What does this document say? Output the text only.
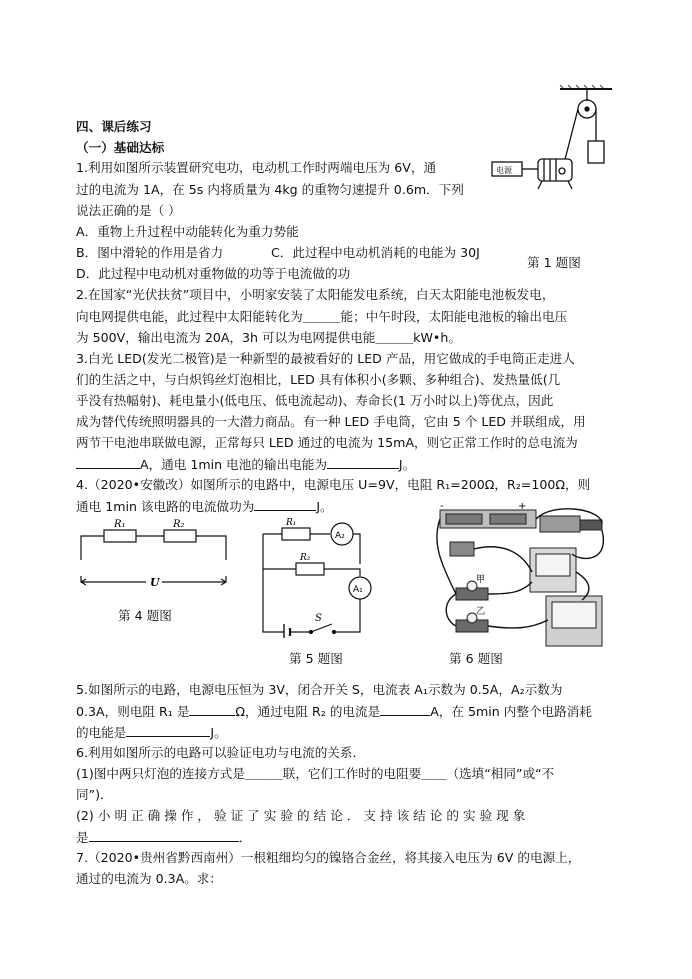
四、课后练习
（一）基础达标
1.利用如图所示装置研究电功，电动机工作时两端电压为 6V，通
过的电流为 1A，在 5s 内将质量为 4kg 的重物匀速提升 0.6m．下列
说法正确的是（ ）
A．重物上升过程中动能转化为重力势能
B．图中滑轮的作用是省力	C．此过程中电动机消耗的电能为 30J
D．此过程中电动机对重物做的功等于电流做的功
第 1 题图
电源
2.在国家“光伏扶贫”项目中，小明家安装了太阳能发电系统，白天太阳能电池板发电，
向电网提供电能，此过程中太阳能转化为＿＿＿能；中午时段，太阳能电池板的输出电压
为 500V，输出电流为 20A，3h 可以为电网提供电能＿＿＿kW•h。
3.白光 LED(发光二极管)是一种新型的最被看好的 LED 产品，用它做成的手电筒正走进人
们的生活之中，与白炽钨丝灯泡相比，LED 具有体积小(多颗、多种组合)、发热量低(几
乎没有热幅射)、耗电量小(低电压、低电流起动)、寿命长(1 万小时以上)等优点，因此
成为替代传统照明器具的一大潜力商品。有一种 LED 手电筒，它由 5 个 LED 并联组成，用
两节干电池串联做电源，正常每只 LED 通过的电流为 15mA，则它正常工作时的总电流为
A，通电 1min 电池的输出电能为	J。
4.（2020•安徽改）如图所示的电路中，电源电压 U=9V，电阻 R₁=200Ω，R₂=100Ω，则
通电 1min 该电路的电流做功为	J。
R₁	R₂
U
第 4 题图
R₁
R₂
A₂
A₁
S
第 5 题图
-	+
甲
乙
第 6 题图
5.如图所示的电路，电源电压恒为 3V，闭合开关 S，电流表 A₁示数为 0.5A，A₂示数为
0.3A，则电阻 R₁ 是	Ω，通过电阻 R₂ 的电流是	A，在 5min 内整个电路消耗
的电能是	J。
6.利用如图所示的电路可以验证电功与电流的关系．
(1)图中两只灯泡的连接方式是＿＿＿联，它们工作时的电阻要＿＿（选填“相同”或“不
同”)．
(2) 小 明 正 确 操 作 ， 验 证 了 实 验 的 结 论 ． 支 持 该 结 论 的 实 验 现 象
是	．
7.（2020•贵州省黔西南州）一根粗细均匀的镍铬合金丝，将其接入电压为 6V 的电源上，
通过的电流为 0.3A。求：
